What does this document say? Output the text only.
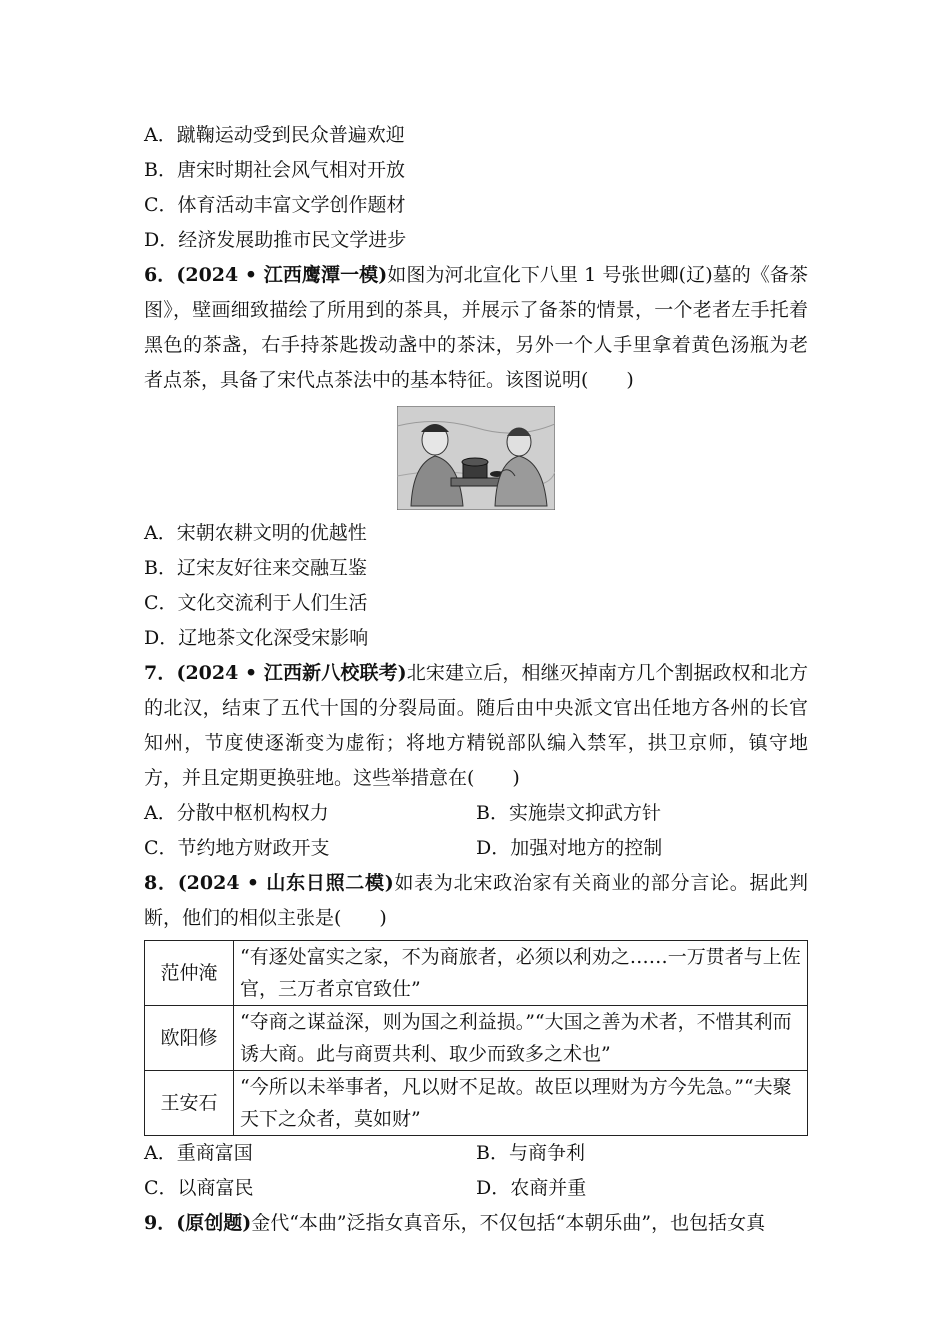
A．蹴鞠运动受到民众普遍欢迎
B．唐宋时期社会风气相对开放
C．体育活动丰富文学创作题材
D．经济发展助推市民文学进步
6．(2024 • 江西鹰潭一模)如图为河北宣化下八里 1 号张世卿(辽)墓的《备茶图》，壁画细致描绘了所用到的茶具，并展示了备茶的情景，一个老者左手托着黑色的茶盏，右手持茶匙拨动盏中的茶沫，另外一个人手里拿着黄色汤瓶为老者点茶，具备了宋代点茶法中的基本特征。该图说明(　　)
A．宋朝农耕文明的优越性
B．辽宋友好往来交融互鉴
C．文化交流利于人们生活
D．辽地茶文化深受宋影响
7．(2024 • 江西新八校联考)北宋建立后，相继灭掉南方几个割据政权和北方的北汉，结束了五代十国的分裂局面。随后由中央派文官出任地方各州的长官知州，节度使逐渐变为虚衔；将地方精锐部队编入禁军，拱卫京师，镇守地方，并且定期更换驻地。这些举措意在(　　)
A．分散中枢机构权力	B．实施崇文抑武方针
C．节约地方财政开支	D．加强对地方的控制
8．(2024 • 山东日照二模)如表为北宋政治家有关商业的部分言论。据此判断，他们的相似主张是(　　)
范仲淹	“有逐处富实之家，不为商旅者，必须以利劝之……一万贯者与上佐官，三万者京官致仕”
欧阳修	“夺商之谋益深，则为国之利益损。”“大国之善为术者，不惜其利而诱大商。此与商贾共利、取少而致多之术也”
王安石	“今所以未举事者，凡以财不足故。故臣以理财为方今先急。”“夫聚天下之众者，莫如财”
A．重商富国	B．与商争利
C．以商富民	D．农商并重
9．(原创题)金代“本曲”泛指女真音乐，不仅包括“本朝乐曲”，也包括女真
